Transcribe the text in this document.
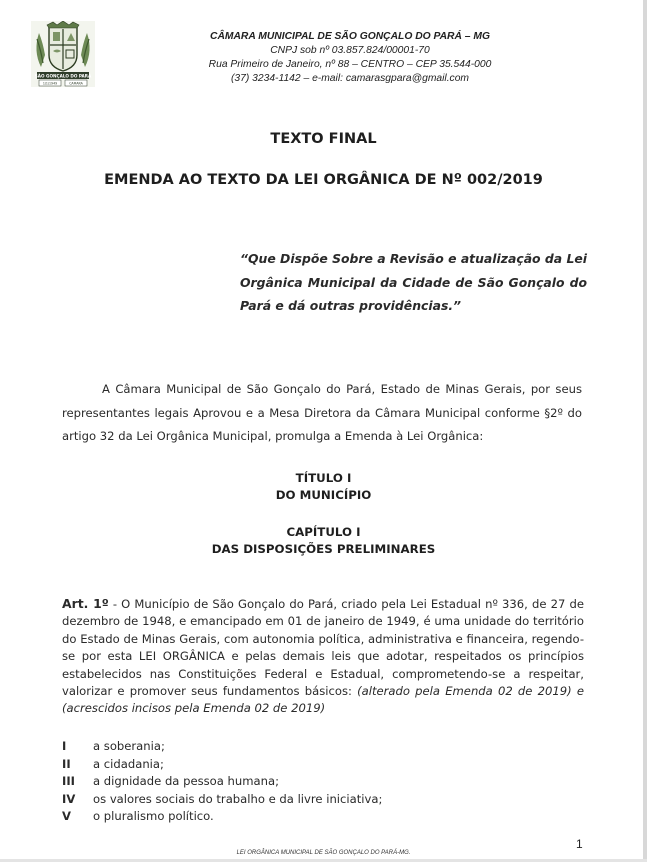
SÃO GONÇALO DO PARÁ
1/1/1949	CAMARA
CÂMARA MUNICIPAL DE SÃO GONÇALO DO PARÁ – MG
CNPJ sob nº 03.857.824/00001-70
Rua Primeiro de Janeiro, nº 88 – CENTRO – CEP 35.544-000
(37) 3234-1142 – e-mail: camarasgpara@gmail.com
TEXTO FINAL
EMENDA AO TEXTO DA LEI ORGÂNICA DE Nº 002/2019
“Que Dispõe Sobre a Revisão e atualização da Lei Orgânica Municipal da Cidade de São Gonçalo do Pará e dá outras providências.”
A Câmara Municipal de São Gonçalo do Pará, Estado de Minas Gerais, por seus representantes legais Aprovou e a Mesa Diretora da Câmara Municipal conforme §2º do artigo 32 da Lei Orgânica Municipal, promulga a Emenda à Lei Orgânica:
TÍTULO I
DO MUNICÍPIO
CAPÍTULO I
DAS DISPOSIÇÕES PRELIMINARES
Art. 1º - O Município de São Gonçalo do Pará, criado pela Lei Estadual nº 336, de 27 de dezembro de 1948, e emancipado em 01 de janeiro de 1949, é uma unidade do território do Estado de Minas Gerais, com autonomia política, administrativa e financeira, regendo-se por esta LEI ORGÂNICA e pelas demais leis que adotar, respeitados os princípios estabelecidos nas Constituições Federal e Estadual, comprometendo-se a respeitar, valorizar e promover seus fundamentos básicos: (alterado pela Emenda 02 de 2019) e (acrescidos incisos pela Emenda 02 de 2019)
I	a soberania;
II	a cidadania;
III	a dignidade da pessoa humana;
IV	os valores sociais do trabalho e da livre iniciativa;
V	o pluralismo político.
1
LEI ORGÂNICA MUNICIPAL DE SÃO GONÇALO DO PARÁ-MG.
